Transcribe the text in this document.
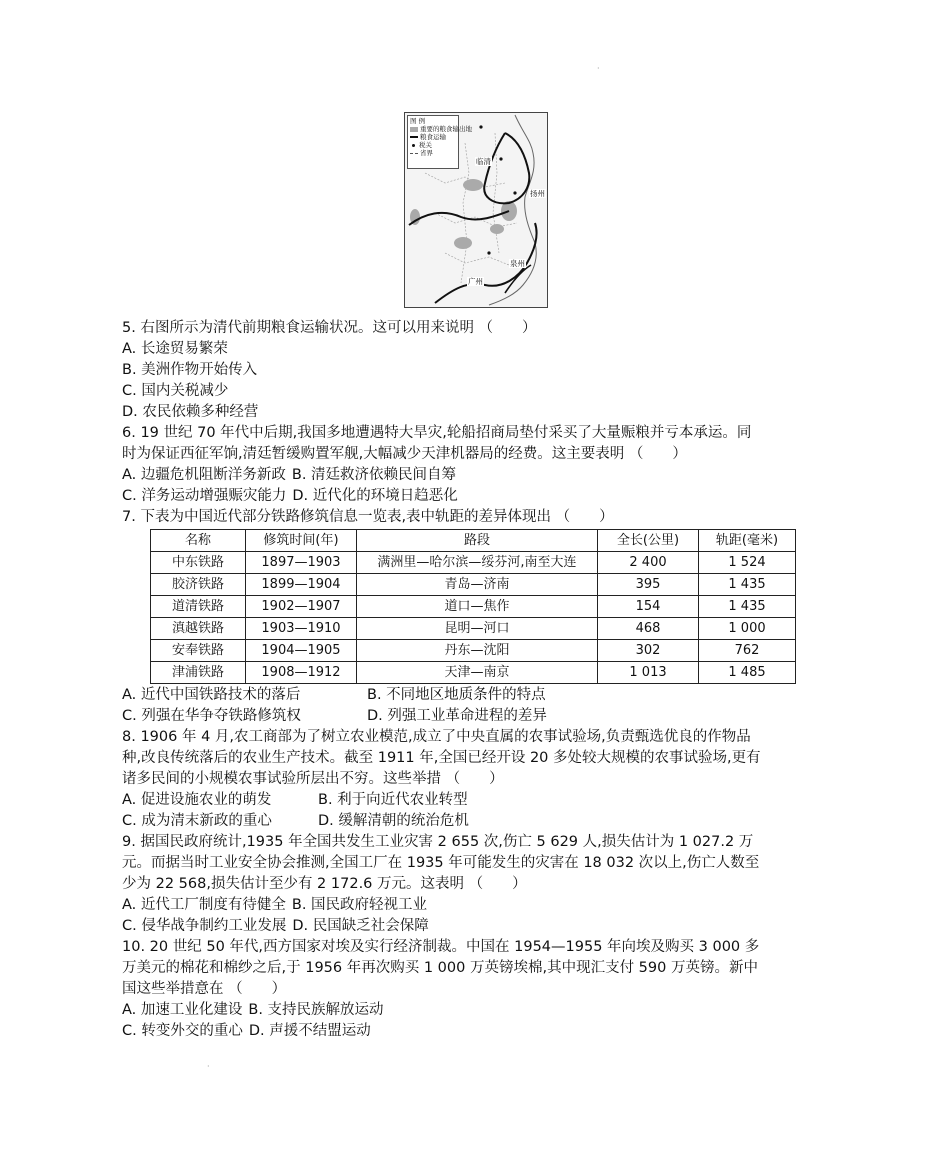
·
图 例
重要的粮食输出地
粮食运输
税关
省界
临清
扬州
泉州
广州
5. 右图所示为清代前期粮食运输状况。这可以用来说明 （　　）
A. 长途贸易繁荣
B. 美洲作物开始传入
C. 国内关税减少
D. 农民依赖多种经营
6. 19 世纪 70 年代中后期,我国多地遭遇特大旱灾,轮船招商局垫付采买了大量赈粮并亏本承运。同
时为保证西征军饷,清廷暂缓购置军舰,大幅减少天津机器局的经费。这主要表明 （　　）
A. 边疆危机阻断洋务新政 B. 清廷救济依赖民间自筹
C. 洋务运动增强赈灾能力 D. 近代化的环境日趋恶化
7. 下表为中国近代部分铁路修筑信息一览表,表中轨距的差异体现出 （　　）
名称	修筑时间(年)	路段	全长(公里)	轨距(毫米)
中东铁路	1897—1903	满洲里—哈尔滨—绥芬河,南至大连	2 400	1 524
胶济铁路	1899—1904	青岛—济南	395	1 435
道清铁路	1902—1907	道口—焦作	154	1 435
滇越铁路	1903—1910	昆明—河口	468	1 000
安奉铁路	1904—1905	丹东—沈阳	302	762
津浦铁路	1908—1912	天津—南京	1 013	1 485
A. 近代中国铁路技术的落后	B. 不同地区地质条件的特点
C. 列强在华争夺铁路修筑权	D. 列强工业革命进程的差异
8. 1906 年 4 月,农工商部为了树立农业模范,成立了中央直属的农事试验场,负责甄选优良的作物品
种,改良传统落后的农业生产技术。截至 1911 年,全国已经开设 20 多处较大规模的农事试验场,更有
诸多民间的小规模农事试验所层出不穷。这些举措 （　　）
A. 促进设施农业的萌发	B. 利于向近代农业转型
C. 成为清末新政的重心	D. 缓解清朝的统治危机
9. 据国民政府统计,1935 年全国共发生工业灾害 2 655 次,伤亡 5 629 人,损失估计为 1 027.2 万
元。而据当时工业安全协会推测,全国工厂在 1935 年可能发生的灾害在 18 032 次以上,伤亡人数至
少为 22 568,损失估计至少有 2 172.6 万元。这表明 （　　）
A. 近代工厂制度有待健全 B. 国民政府轻视工业
C. 侵华战争制约工业发展 D. 民国缺乏社会保障
10. 20 世纪 50 年代,西方国家对埃及实行经济制裁。中国在 1954—1955 年向埃及购买 3 000 多
万美元的棉花和棉纱之后,于 1956 年再次购买 1 000 万英镑埃棉,其中现汇支付 590 万英镑。新中
国这些举措意在 （　　）
A. 加速工业化建设 B. 支持民族解放运动
C. 转变外交的重心 D. 声援不结盟运动
·
